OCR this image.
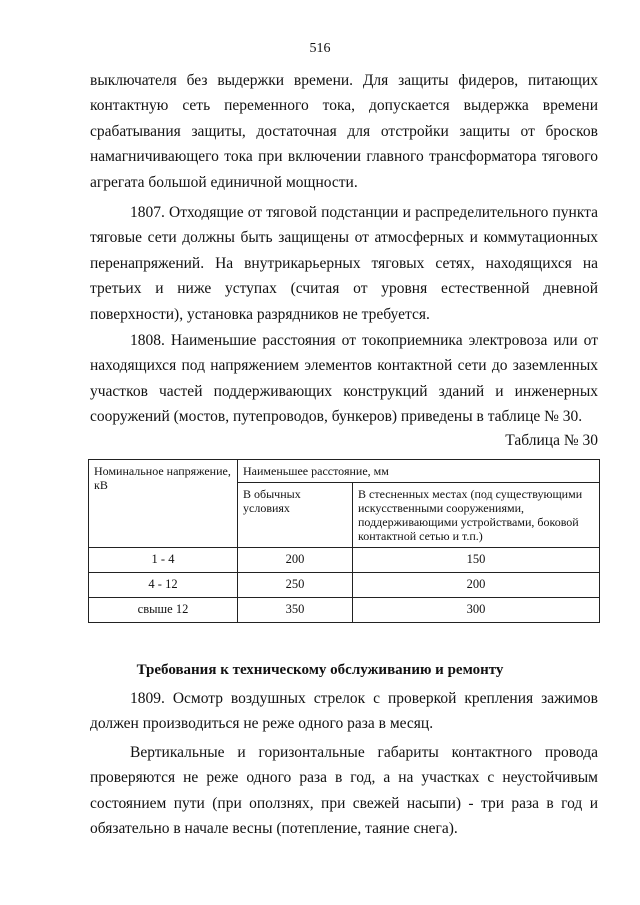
516

выключателя без выдержки времени. Для защиты фидеров, питающих контактную сеть переменного тока, допускается выдержка времени срабатывания защиты, достаточная для отстройки защиты от бросков намагничивающего тока при включении главного трансформатора тягового агрегата большой единичной мощности.

1807. Отходящие от тяговой подстанции и распределительного пункта тяговые сети должны быть защищены от атмосферных и коммутационных перенапряжений. На внутрикарьерных тяговых сетях, находящихся на третьих и ниже уступах (считая от уровня естественной дневной поверхности), установка разрядников не требуется.

1808. Наименьшие расстояния от токоприемника электровоза или от находящихся под напряжением элементов контактной сети до заземленных участков частей поддерживающих конструкций зданий и инженерных сооружений (мостов, путепроводов, бункеров) приведены в таблице № 30.

Таблица № 30
Номинальное напряжение, кВ	Наименьшее расстояние, мм	
	В обычных условиях	В стесненных местах (под существующими искусственными сооружениями, поддерживающими устройствами, боковой контактной сетью и т.п.)
1 - 4	200	150
4 - 12	250	200
свыше 12	350	300
Требования к техническому обслуживанию и ремонту

1809. Осмотр воздушных стрелок с проверкой крепления зажимов должен производиться не реже одного раза в месяц.

Вертикальные и горизонтальные габариты контактного провода проверяются не реже одного раза в год, а на участках с неустойчивым состоянием пути (при оползнях, при свежей насыпи) - три раза в год и обязательно в начале весны (потепление, таяние снега).
